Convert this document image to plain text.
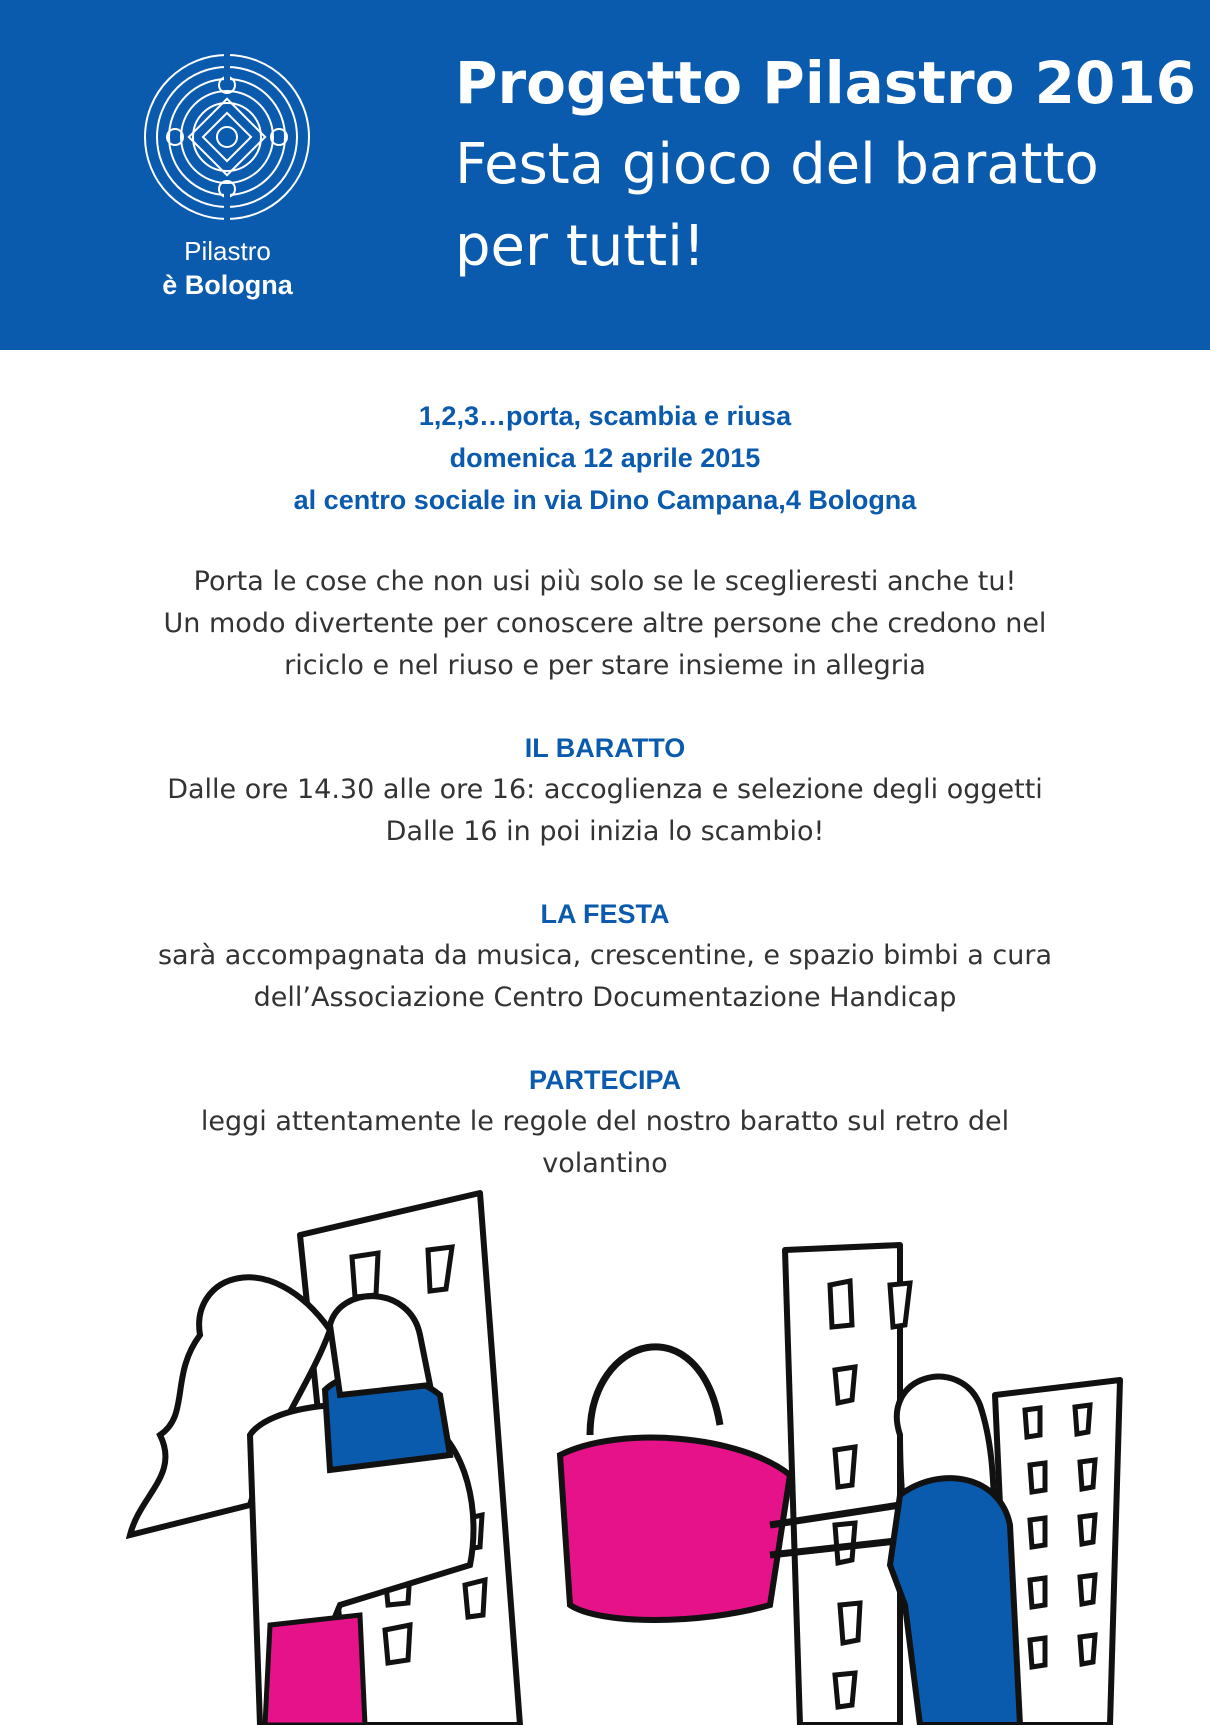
Pilastro
è Bologna
Progetto Pilastro 2016
Festa gioco del baratto
per tutti!
1,2,3…porta, scambia e riusa
domenica 12 aprile 2015
al centro sociale in via Dino Campana,4 Bologna
Porta le cose che non usi più solo se le sceglieresti anche tu!
Un modo divertente per conoscere altre persone che credono nel
riciclo e nel riuso e per stare insieme in allegria
IL BARATTO
Dalle ore 14.30 alle ore 16: accoglienza e selezione degli oggetti
Dalle 16 in poi inizia lo scambio!
LA FESTA
sarà accompagnata da musica, crescentine, e spazio bimbi a cura
dell’Associazione Centro Documentazione Handicap
PARTECIPA
leggi attentamente le regole del nostro baratto sul retro del
volantino
